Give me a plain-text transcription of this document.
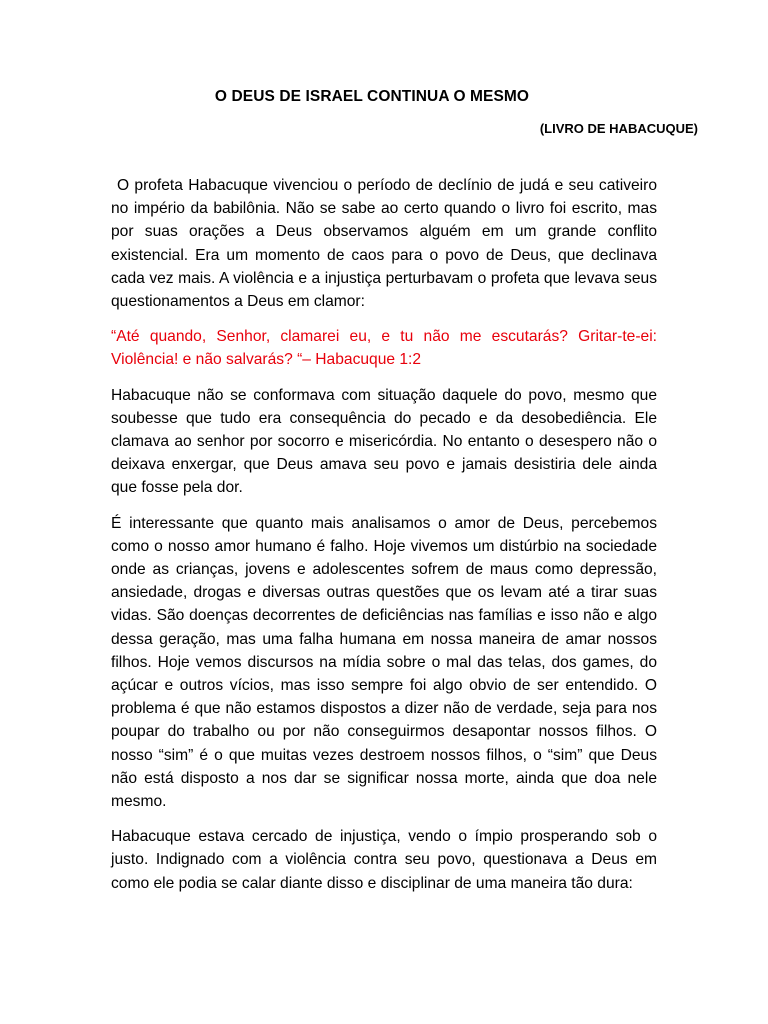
O DEUS DE ISRAEL CONTINUA O MESMO
(LIVRO DE HABACUQUE)

O profeta Habacuque vivenciou o período de declínio de judá e seu cativeiro no império da babilônia. Não se sabe ao certo quando o livro foi escrito, mas por suas orações a Deus observamos alguém em um grande conflito existencial. Era um momento de caos para o povo de Deus, que declinava cada vez mais. A violência e a injustiça perturbavam o profeta que levava seus questionamentos a Deus em clamor:

“Até quando, Senhor, clamarei eu, e tu não me escutarás? Gritar-te-ei: Violência! e não salvarás? “– Habacuque 1:2

Habacuque não se conformava com situação daquele do povo, mesmo que soubesse que tudo era consequência do pecado e da desobediência. Ele clamava ao senhor por socorro e misericórdia. No entanto o desespero não o deixava enxergar, que Deus amava seu povo e jamais desistiria dele ainda que fosse pela dor.

É interessante que quanto mais analisamos o amor de Deus, percebemos como o nosso amor humano é falho. Hoje vivemos um distúrbio na sociedade onde as crianças, jovens e adolescentes sofrem de maus como depressão, ansiedade, drogas e diversas outras questões que os levam até a tirar suas vidas. São doenças decorrentes de deficiências nas famílias e isso não e algo dessa geração, mas uma falha humana em nossa maneira de amar nossos filhos. Hoje vemos discursos na mídia sobre o mal das telas, dos games, do açúcar e outros vícios, mas isso sempre foi algo obvio de ser entendido. O problema é que não estamos dispostos a dizer não de verdade, seja para nos poupar do trabalho ou por não conseguirmos desapontar nossos filhos. O nosso “sim” é o que muitas vezes destroem nossos filhos, o “sim” que Deus não está disposto a nos dar se significar nossa morte, ainda que doa nele mesmo.

Habacuque estava cercado de injustiça, vendo o ímpio prosperando sob o justo. Indignado com a violência contra seu povo, questionava a Deus em como ele podia se calar diante disso e disciplinar de uma maneira tão dura:
